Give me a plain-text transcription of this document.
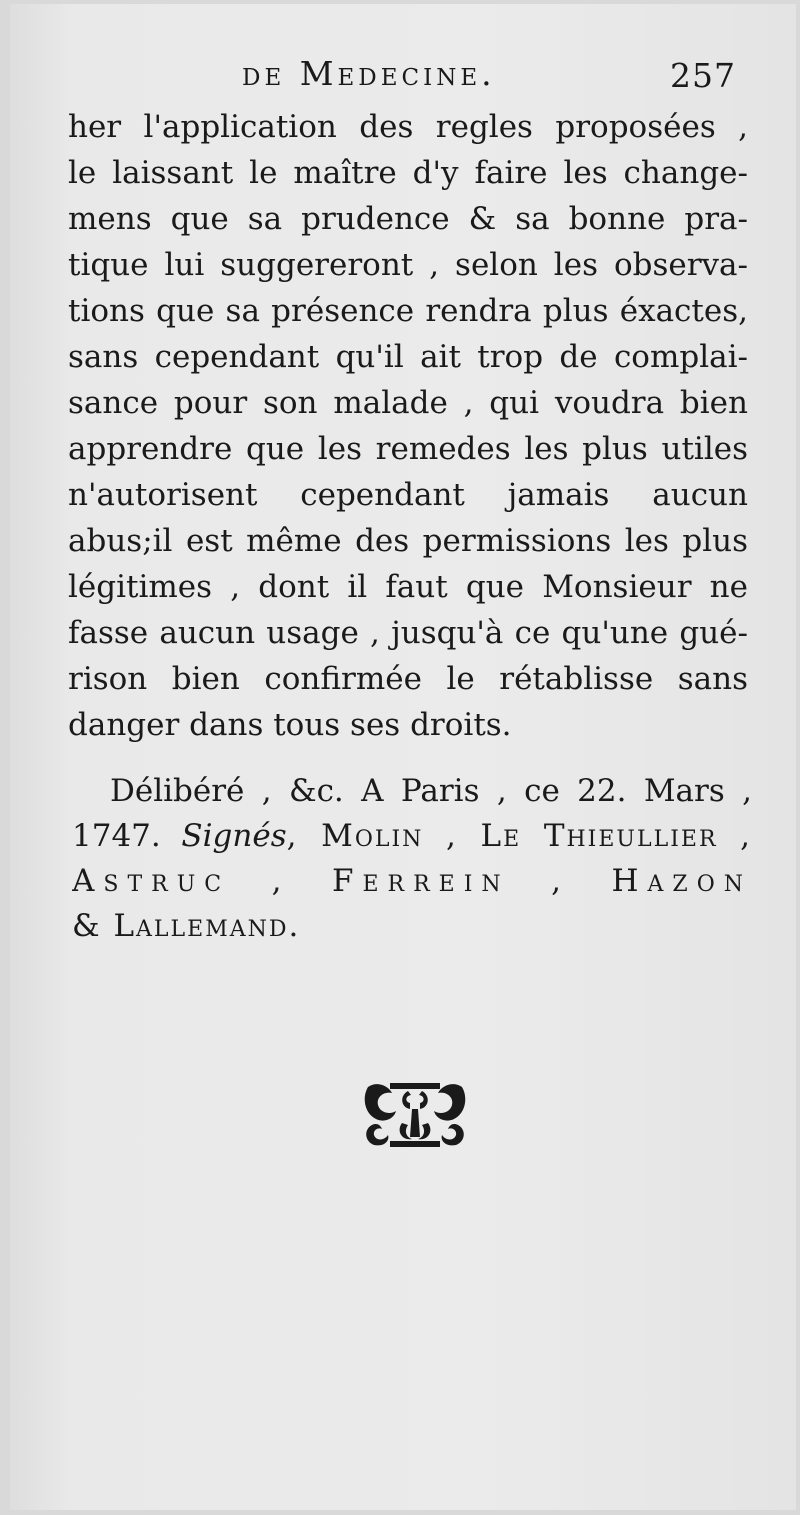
de Medecine.	257
her l'application des regles proposées ,
le laissant le maître d'y faire les change-
mens que sa prudence & sa bonne pra-
tique lui suggereront , selon les observa-
tions que sa présence rendra plus éxactes,
sans cependant qu'il ait trop de complai-
sance pour son malade , qui voudra bien
apprendre que les remedes les plus utiles
n'autorisent cependant jamais aucun
abus;il est même des permissions les plus
légitimes , dont il faut que Monsieur ne
fasse aucun usage , jusqu'à ce qu'une gué-
rison bien confirmée le rétablisse sans
danger dans tous ses droits.
Délibéré , &c. A Paris , ce 22. Mars ,
1747. Signés, Molin , Le Thieullier ,
Astruc , Ferrein , Hazon
& Lallemand.
